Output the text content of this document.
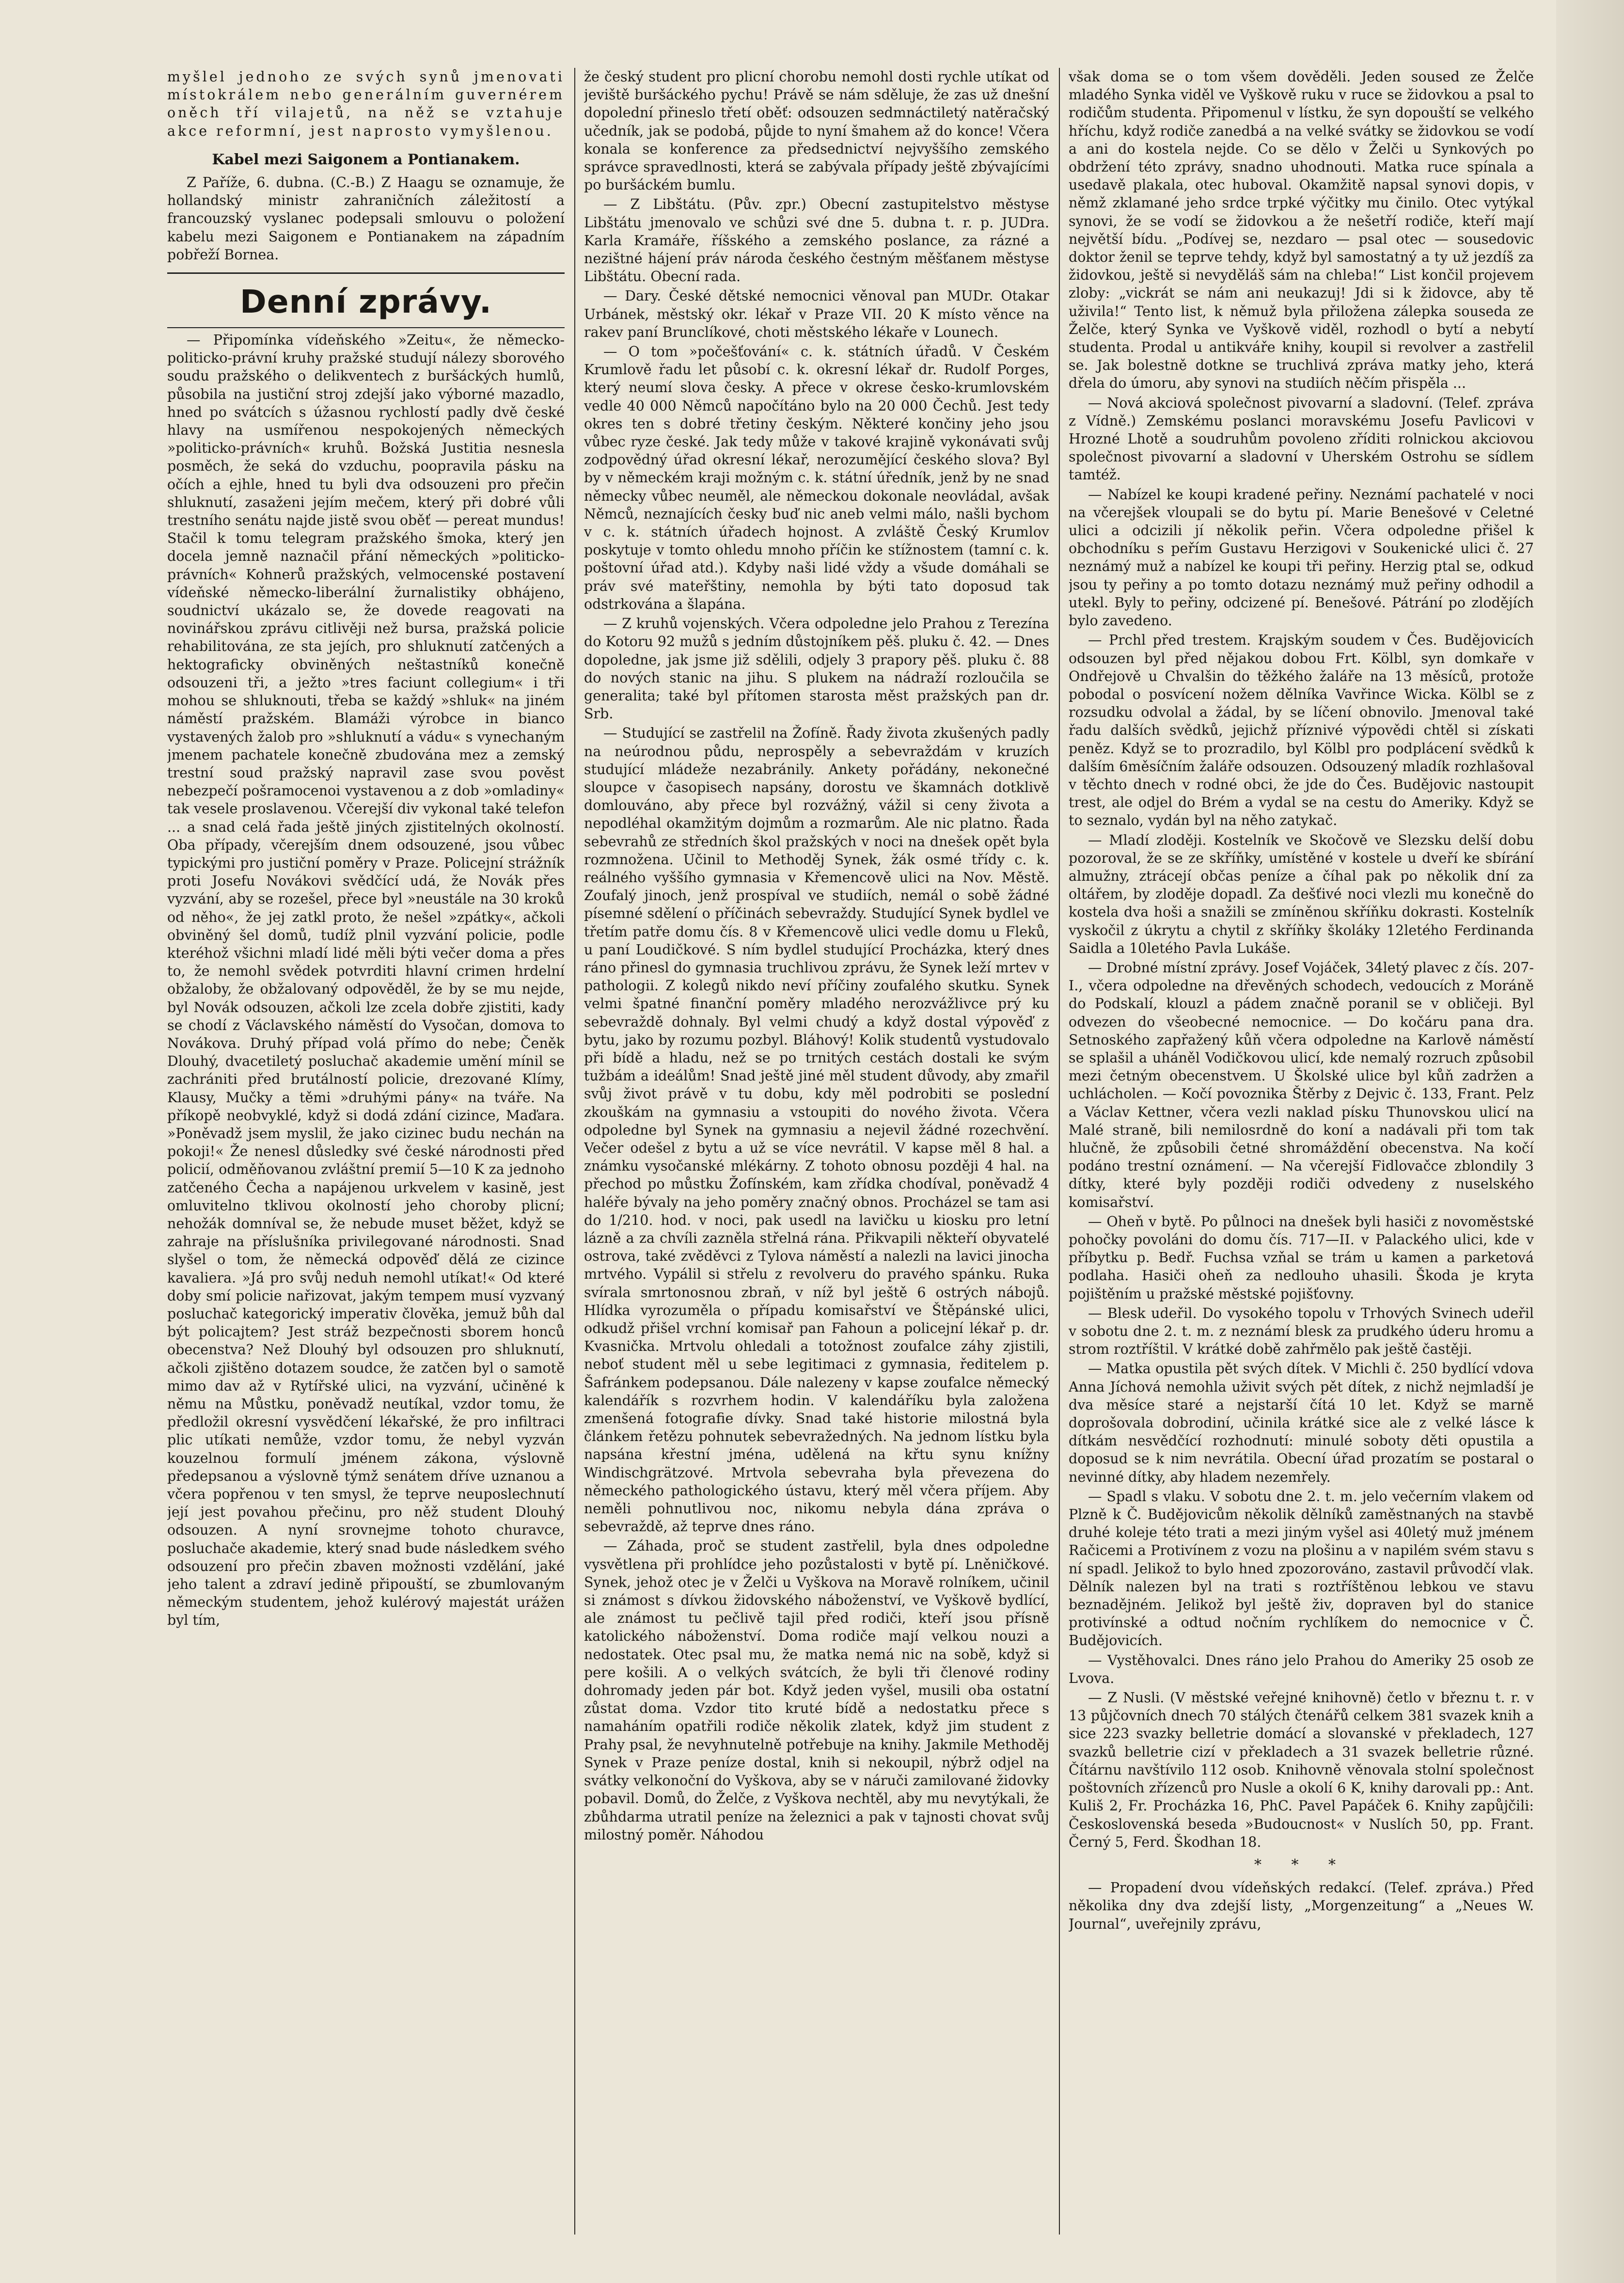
myšlel jednoho ze svých synů jmenovati místokrálem nebo generálním guvernérem oněch tří vilajetů, na něž se vztahuje akce reformní, jest naprosto vymyšlenou.

Kabel mezi Saigonem a Pontianakem.

Z Paříže, 6. dubna. (C.-B.) Z Haagu se oznamuje, že hollandský ministr zahraničních záležitostí a francouzský vyslanec podepsali smlouvu o položení kabelu mezi Saigonem e Pontianakem na západním pobřeží Bornea.

Denní zprávy.

— Připomínka vídeňského »Zeitu«, že německo-politicko-právní kruhy pražské studují nálezy sborového soudu pražského o delikventech z buršáckých humlů, působila na justiční stroj zdejší jako výborné mazadlo, hned po svátcích s úžasnou rychlostí padly dvě české hlavy na usmířenou nespokojených německých »politicko-právních« kruhů. Božská Justitia nesnesla posměch, že seká do vzduchu, poopravila pásku na očích a ejhle, hned tu byli dva odsouzeni pro přečin shluknutí, zasaženi jejím mečem, který při dobré vůli trestního senátu najde jistě svou oběť — pereat mundus! Stačil k tomu telegram pražského šmoka, který jen docela jemně naznačil přání německých »politicko-právních« Kohnerů pražských, velmocenské postavení vídeňské německo-liberální žurnalistiky obhájeno, soudnictví ukázalo se, že dovede reagovati na novinářskou zprávu citlivěji než bursa, pražská policie rehabilitována, ze sta jejích, pro shluknutí zatčených a hektograficky obviněných neštastníků konečně odsouzeni tři, a ježto »tres faciunt collegium« i tři mohou se shluknouti, třeba se každý »shluk« na jiném náměstí pražském. Blamáži výrobce in bianco vystavených žalob pro »shluknutí a vádu« s vynechaným jmenem pachatele konečně zbudována mez a zemský trestní soud pražský napravil zase svou pověst nebezpečí pošramocenoi vystavenou a z dob »omladiny« tak vesele proslavenou. Včerejší div vykonal také telefon ... a snad celá řada ještě jiných zjistitelných okolností. Oba případy, včerejším dnem odsouzené, jsou vůbec typickými pro justiční poměry v Praze. Policejní strážník proti Josefu Novákovi svědčící udá, že Novák přes vyzvání, aby se rozešel, přece byl »neustále na 30 kroků od něho«, že jej zatkl proto, že nešel »zpátky«, ačkoli obviněný šel domů, tudíž plnil vyzvání policie, podle kteréhož všichni mladí lidé měli býti večer doma a přes to, že nemohl svědek potvrditi hlavní crimen hrdelní obžaloby, že obžalovaný odpověděl, že by se mu nejde, byl Novák odsouzen, ačkoli lze zcela dobře zjistiti, kady se chodí z Václavského náměstí do Vysočan, domova to Novákova. Druhý případ volá přímo do nebe; Čeněk Dlouhý, dvacetiletý posluchač akademie umění mínil se zachrániti před brutálností policie, drezované Klímy, Klausy, Mučky a těmi »druhými pány« na tváře. Na příkopě neobvyklé, když si dodá zdání cizince, Maďara. »Poněvadž jsem myslil, že jako cizinec budu nechán na pokoji!« Že nenesl důsledky své české národnosti před policií, odměňovanou zvláštní premií 5—10 K za jednoho zatčeného Čecha a napájenou urkvelem v kasině, jest omluvitelno tklivou okolností jeho choroby plicní; nehožák domníval se, že nebude muset běžet, když se zahraje na příslušníka privilegované národnosti. Snad slyšel o tom, že německá odpověď dělá ze cizince kavaliera. »Já pro svůj neduh nemohl utíkat!« Od které doby smí policie nařizovat, jakým tempem musí vyzvaný posluchač kategorický imperativ člověka, jemuž bůh dal být policajtem? Jest stráž bezpečnosti sborem honců obecenstva? Než Dlouhý byl odsouzen pro shluknutí, ačkoli zjištěno dotazem soudce, že zatčen byl o samotě mimo dav až v Rytířské ulici, na vyzvání, učiněné k němu na Můstku, poněvadž neutíkal, vzdor tomu, že předložil okresní vysvědčení lékařské, že pro infiltraci plic utíkati nemůže, vzdor tomu, že nebyl vyzván kouzelnou formulí jménem zákona, výslovně předepsanou a výslovně týmž senátem dříve uznanou a včera popřenou v ten smysl, že teprve neuposlechnutí její jest povahou přečinu, pro něž student Dlouhý odsouzen. A nyní srovnejme tohoto churavce, posluchače akademie, který snad bude následkem svého odsouzení pro přečin zbaven možnosti vzdělání, jaké jeho talent a zdraví jedině připouští, se zbumlovaným německým studentem, jehož kulérový majestát urážen byl tím,

že český student pro plicní chorobu nemohl dosti rychle utíkat od jeviště buršáckého pychu! Právě se nám sděluje, že zas už dnešní dopolední přineslo třetí oběť: odsouzen sedmnáctiletý natěračský učedník, jak se podobá, půjde to nyní šmahem až do konce! Včera konala se konference za předsednictví nejvyššího zemského správce spravedlnosti, která se zabývala případy ještě zbývajícími po buršáckém bumlu.

— Z Libštátu. (Pův. zpr.) Obecní zastupitelstvo městyse Libštátu jmenovalo ve schůzi své dne 5. dubna t. r. p. JUDra. Karla Kramáře, říšského a zemského poslance, za rázné a nezištné hájení práv národa českého čestným měšťanem městyse Libštátu. Obecní rada.

— Dary. České dětské nemocnici věnoval pan MUDr. Otakar Urbánek, městský okr. lékař v Praze VII. 20 K místo věnce na rakev paní Brunclíkové, choti městského lékaře v Lounech.

— O tom »počešťování« c. k. státních úřadů. V Českém Krumlově řadu let působí c. k. okresní lékař dr. Rudolf Porges, který neumí slova česky. A přece v okrese česko-krumlovském vedle 40 000 Němců napočítáno bylo na 20 000 Čechů. Jest tedy okres ten s dobré třetiny českým. Některé končiny jeho jsou vůbec ryze české. Jak tedy může v takové krajině vykonávati svůj zodpovědný úřad okresní lékař, nerozumějící českého slova? Byl by v německém kraji možným c. k. státní úředník, jenž by ne snad německy vůbec neuměl, ale německou dokonale neovládal, avšak Němců, neznajících česky buď nic aneb velmi málo, našli bychom v c. k. státních úřadech hojnost. A zvláště Český Krumlov poskytuje v tomto ohledu mnoho příčin ke stížnostem (tamní c. k. poštovní úřad atd.). Kdyby naši lidé vždy a všude domáhali se práv své mateřštiny, nemohla by býti tato doposud tak odstrkována a šlapána.

— Z kruhů vojenských. Včera odpoledne jelo Prahou z Terezína do Kotoru 92 mužů s jedním důstojníkem pěš. pluku č. 42. — Dnes dopoledne, jak jsme již sdělili, odjely 3 prapory pěš. pluku č. 88 do nových stanic na jihu. S plukem na nádraží rozloučila se generalita; také byl přítomen starosta měst pražských pan dr. Srb.

— Studující se zastřelil na Žofíně. Řady života zkušených padly na neúrodnou půdu, neprospěly a sebevraždám v kruzích studující mládeže nezabránily. Ankety pořádány, nekonečné sloupce v časopisech napsány, dorostu ve škamnách dotklivě domlouváno, aby přece byl rozvážný, vážil si ceny života a nepodléhal okamžitým dojmům a rozmarům. Ale nic platno. Řada sebevrahů ze středních škol pražských v noci na dnešek opět byla rozmnožena. Učinil to Methoděj Synek, žák osmé třídy c. k. reálného vyššího gymnasia v Křemencově ulici na Nov. Městě. Zoufalý jinoch, jenž prospíval ve studiích, nemál o sobě žádné písemné sdělení o příčinách sebevraždy. Studující Synek bydlel ve třetím patře domu čís. 8 v Křemencově ulici vedle domu u Fleků, u paní Loudičkové. S ním bydlel studující Procházka, který dnes ráno přinesl do gymnasia truchlivou zprávu, že Synek leží mrtev v pathologii. Z kolegů nikdo neví příčiny zoufalého skutku. Synek velmi špatné finanční poměry mladého nerozvážlivce prý ku sebevraždě dohnaly. Byl velmi chudý a když dostal výpověď z bytu, jako by rozumu pozbyl. Bláhový! Kolik studentů vystudovalo při bídě a hladu, než se po trnitých cestách dostali ke svým tužbám a ideálům! Snad ještě jiné měl student důvody, aby zmařil svůj život právě v tu dobu, kdy měl podrobiti se poslední zkouškám na gymnasiu a vstoupiti do nového života. Včera odpoledne byl Synek na gymnasiu a nejevil žádné rozechvění. Večer odešel z bytu a už se více nevrátil. V kapse měl 8 hal. a známku vysočanské mlékárny. Z tohoto obnosu později 4 hal. na přechod po můstku Žofínském, kam zřídka chodíval, poněvadž 4 haléře bývaly na jeho poměry značný obnos. Procházel se tam asi do 1/210. hod. v noci, pak usedl na lavičku u kiosku pro letní lázně a za chvíli zazněla střelná rána. Přikvapili někteří obyvatelé ostrova, také zvěděvci z Tylova náměstí a nalezli na lavici jinocha mrtvého. Vypálil si střelu z revolveru do pravého spánku. Ruka svírala smrtonosnou zbraň, v níž byl ještě 6 ostrých nábojů. Hlídka vyrozuměla o případu komisařství ve Štěpánské ulici, odkudž přišel vrchní komisař pan Fahoun a policejní lékař p. dr. Kvasnička. Mrtvolu ohledali a totožnost zoufalce záhy zjistili, neboť student měl u sebe legitimaci z gymnasia, ředitelem p. Šafránkem podepsanou. Dále nalezeny v kapse zoufalce německý kalendářík s rozvrhem hodin. V kalendáříku byla založena zmenšená fotografie dívky. Snad také historie milostná byla článkem řetězu pohnutek sebevražedných. Na jednom lístku byla napsána křestní jména, udělená na křtu synu knížny Windischgrätzové. Mrtvola sebevraha byla převezena do německého pathologického ústavu, který měl včera příjem. Aby neměli pohnutlivou noc, nikomu nebyla dána zpráva o sebevraždě, až teprve dnes ráno.

— Záhada, proč se student zastřelil, byla dnes odpoledne vysvětlena při prohlídce jeho pozůstalosti v bytě pí. Lněničkové. Synek, jehož otec je v Želči u Vyškova na Moravě rolníkem, učinil si známost s dívkou židovského náboženství, ve Vyškově bydlící, ale známost tu pečlivě tajil před rodiči, kteří jsou přísně katolického náboženství. Doma rodiče mají velkou nouzi a nedostatek. Otec psal mu, že matka nemá nic na sobě, když si pere košili. A o velkých svátcích, že byli tři členové rodiny dohromady jeden pár bot. Když jeden vyšel, musili oba ostatní zůstat doma. Vzdor tito kruté bídě a nedostatku přece s namaháním opatřili rodiče několik zlatek, když jim student z Prahy psal, že nevyhnutelně potřebuje na knihy. Jakmile Methoděj Synek v Praze peníze dostal, knih si nekoupil, nýbrž odjel na svátky velkonoční do Vyškova, aby se v náruči zamilované židovky pobavil. Domů, do Želče, z Vyškova nechtěl, aby mu nevytýkali, že zbůhdarma utratil peníze na železnici a pak v tajnosti chovat svůj milostný poměr. Náhodou

však doma se o tom všem dověděli. Jeden soused ze Želče mladého Synka viděl ve Vyškově ruku v ruce se židovkou a psal to rodičům studenta. Připomenul v lístku, že syn dopouští se velkého hříchu, když rodiče zanedbá a na velké svátky se židovkou se vodí a ani do kostela nejde. Co se dělo v Želči u Synkových po obdržení této zprávy, snadno uhodnouti. Matka ruce spínala a usedavě plakala, otec huboval. Okamžitě napsal synovi dopis, v němž zklamané jeho srdce trpké výčitky mu činilo. Otec vytýkal synovi, že se vodí se židovkou a že nešetří rodiče, kteří mají největší bídu. „Podívej se, nezdaro — psal otec — sousedovic doktor ženil se teprve tehdy, když byl samostatný a ty už jezdíš za židovkou, ještě si nevyděláš sám na chleba!“ List končil projevem zloby: „vickrát se nám ani neukazuj! Jdi si k židovce, aby tě uživila!“ Tento list, k němuž byla přiložena zálepka souseda ze Želče, který Synka ve Vyškově viděl, rozhodl o bytí a nebytí studenta. Prodal u antikváře knihy, koupil si revolver a zastřelil se. Jak bolestně dotkne se truchlivá zpráva matky jeho, která dřela do úmoru, aby synovi na studiích něčím přispěla ...

— Nová akciová společnost pivovarní a sladovní. (Telef. zpráva z Vídně.) Zemskému poslanci moravskému Josefu Pavlicovi v Hrozné Lhotě a soudruhům povoleno zříditi rolnickou akciovou společnost pivovarní a sladovní v Uherském Ostrohu se sídlem tamtéž.

— Nabízel ke koupi kradené peřiny. Neznámí pachatelé v noci na včerejšek vloupali se do bytu pí. Marie Benešové v Celetné ulici a odcizili jí několik peřin. Včera odpoledne přišel k obchodníku s peřím Gustavu Herzigovi v Soukenické ulici č. 27 neznámý muž a nabízel ke koupi tři peřiny. Herzig ptal se, odkud jsou ty peřiny a po tomto dotazu neznámý muž peřiny odhodil a utekl. Byly to peřiny, odcizené pí. Benešové. Pátrání po zlodějích bylo zavedeno.

— Prchl před trestem. Krajským soudem v Čes. Budějovicích odsouzen byl před nějakou dobou Frt. Kölbl, syn domkaře v Ondřejově u Chvalšin do těžkého žaláře na 13 měsíců, protože pobodal o posvícení nožem dělníka Vavřince Wicka. Kölbl se z rozsudku odvolal a žádal, by se líčení obnovilo. Jmenoval také řadu dalších svědků, jejichž příznivé výpovědi chtěl si získati peněz. Když se to prozradilo, byl Kölbl pro podplácení svědků k dalším 6měsíčním žaláře odsouzen. Odsouzený mladík rozhlašoval v těchto dnech v rodné obci, že jde do Čes. Budějovic nastoupit trest, ale odjel do Brém a vydal se na cestu do Ameriky. Když se to seznalo, vydán byl na něho zatykač.

— Mladí zloději. Kostelník ve Skočově ve Slezsku delší dobu pozoroval, že se ze skříňky, umístěné v kostele u dveří ke sbírání almužny, ztrácejí občas peníze a číhal pak po několik dní za oltářem, by zloděje dopadl. Za dešťivé noci vlezli mu konečně do kostela dva hoši a snažili se zmíněnou skříňku dokrasti. Kostelník vyskočil z úkrytu a chytil z skříňky školáky 12letého Ferdinanda Saidla a 10letého Pavla Lukáše.

— Drobné místní zprávy. Josef Vojáček, 34letý plavec z čís. 207-I., včera odpoledne na dřevěných schodech, vedoucích z Moráně do Podskalí, klouzl a pádem značně poranil se v obličeji. Byl odvezen do všeobecné nemocnice. — Do kočáru pana dra. Setnoského zapřažený kůň včera odpoledne na Karlově náměstí se splašil a uháněl Vodičkovou ulicí, kde nemalý rozruch způsobil mezi četným obecenstvem. U Školské ulice byl kůň zadržen a uchlácholen. — Kočí povoznika Štěrby z Dejvic č. 133, Frant. Pelz a Václav Kettner, včera vezli naklad písku Thunovskou ulicí na Malé straně, bili nemilosrdně do koní a nadávali při tom tak hlučně, že způsobili četné shromáždění obecenstva. Na kočí podáno trestní oznámení. — Na včerejší Fidlovačce zblondily 3 dítky, které byly později rodiči odvedeny z nuselského komisařství.

— Oheň v bytě. Po půlnoci na dnešek byli hasiči z novoměstské pohočky povoláni do domu čís. 717—II. v Palackého ulici, kde v příbytku p. Bedř. Fuchsa vzňal se trám u kamen a parketová podlaha. Hasiči oheň za nedlouho uhasili. Škoda je kryta pojištěním u pražské městské pojišťovny.

— Blesk udeřil. Do vysokého topolu v Trhových Svinech udeřil v sobotu dne 2. t. m. z neznámí blesk za prudkého úderu hromu a strom roztříštil. V krátké době zahřmělo pak ještě častěji.

— Matka opustila pět svých dítek. V Michli č. 250 bydlící vdova Anna Jíchová nemohla uživit svých pět dítek, z nichž nejmladší je dva měsíce staré a nejstarší čítá 10 let. Když se marně doprošovala dobrodiní, učinila krátké sice ale z velké lásce k dítkám nesvědčící rozhodnutí: minulé soboty děti opustila a doposud se k nim nevrátila. Obecní úřad prozatím se postaral o nevinné dítky, aby hladem nezemřely.

— Spadl s vlaku. V sobotu dne 2. t. m. jelo večerním vlakem od Plzně k Č. Budějovicům několik dělníků zaměstnaných na stavbě druhé koleje této trati a mezi jiným vyšel asi 40letý muž jménem Račicemi a Protivínem z vozu na plošinu a v napilém svém stavu s ní spadl. Jelikož to bylo hned zpozorováno, zastavil průvodčí vlak. Dělník nalezen byl na trati s roztříštěnou lebkou ve stavu beznadějném. Jelikož byl ještě živ, dopraven byl do stanice protivínské a odtud nočním rychlíkem do nemocnice v Č. Budějovicích.

— Vystěhovalci. Dnes ráno jelo Prahou do Ameriky 25 osob ze Lvova.

— Z Nusli. (V městské veřejné knihovně) četlo v březnu t. r. v 13 půjčovních dnech 70 stálých čtenářů celkem 381 svazek knih a sice 223 svazky belletrie domácí a slovanské v překladech, 127 svazků belletrie cizí v překladech a 31 svazek belletrie různé. Čítárnu navštívilo 112 osob. Knihovně věnovala stolní společnost poštovních zřízenců pro Nusle a okolí 6 K, knihy darovali pp.: Ant. Kuliš 2, Fr. Procházka 16, PhC. Pavel Papáček 6. Knihy zapůjčili: Československá beseda »Budoucnost« v Nuslích 50, pp. Frant. Černý 5, Ferd. Škodhan 18.

* * *

— Propadení dvou vídeňských redakcí. (Telef. zpráva.) Před několika dny dva zdejší listy, „Morgenzeitung“ a „Neues W. Journal“, uveřejnily zprávu,
